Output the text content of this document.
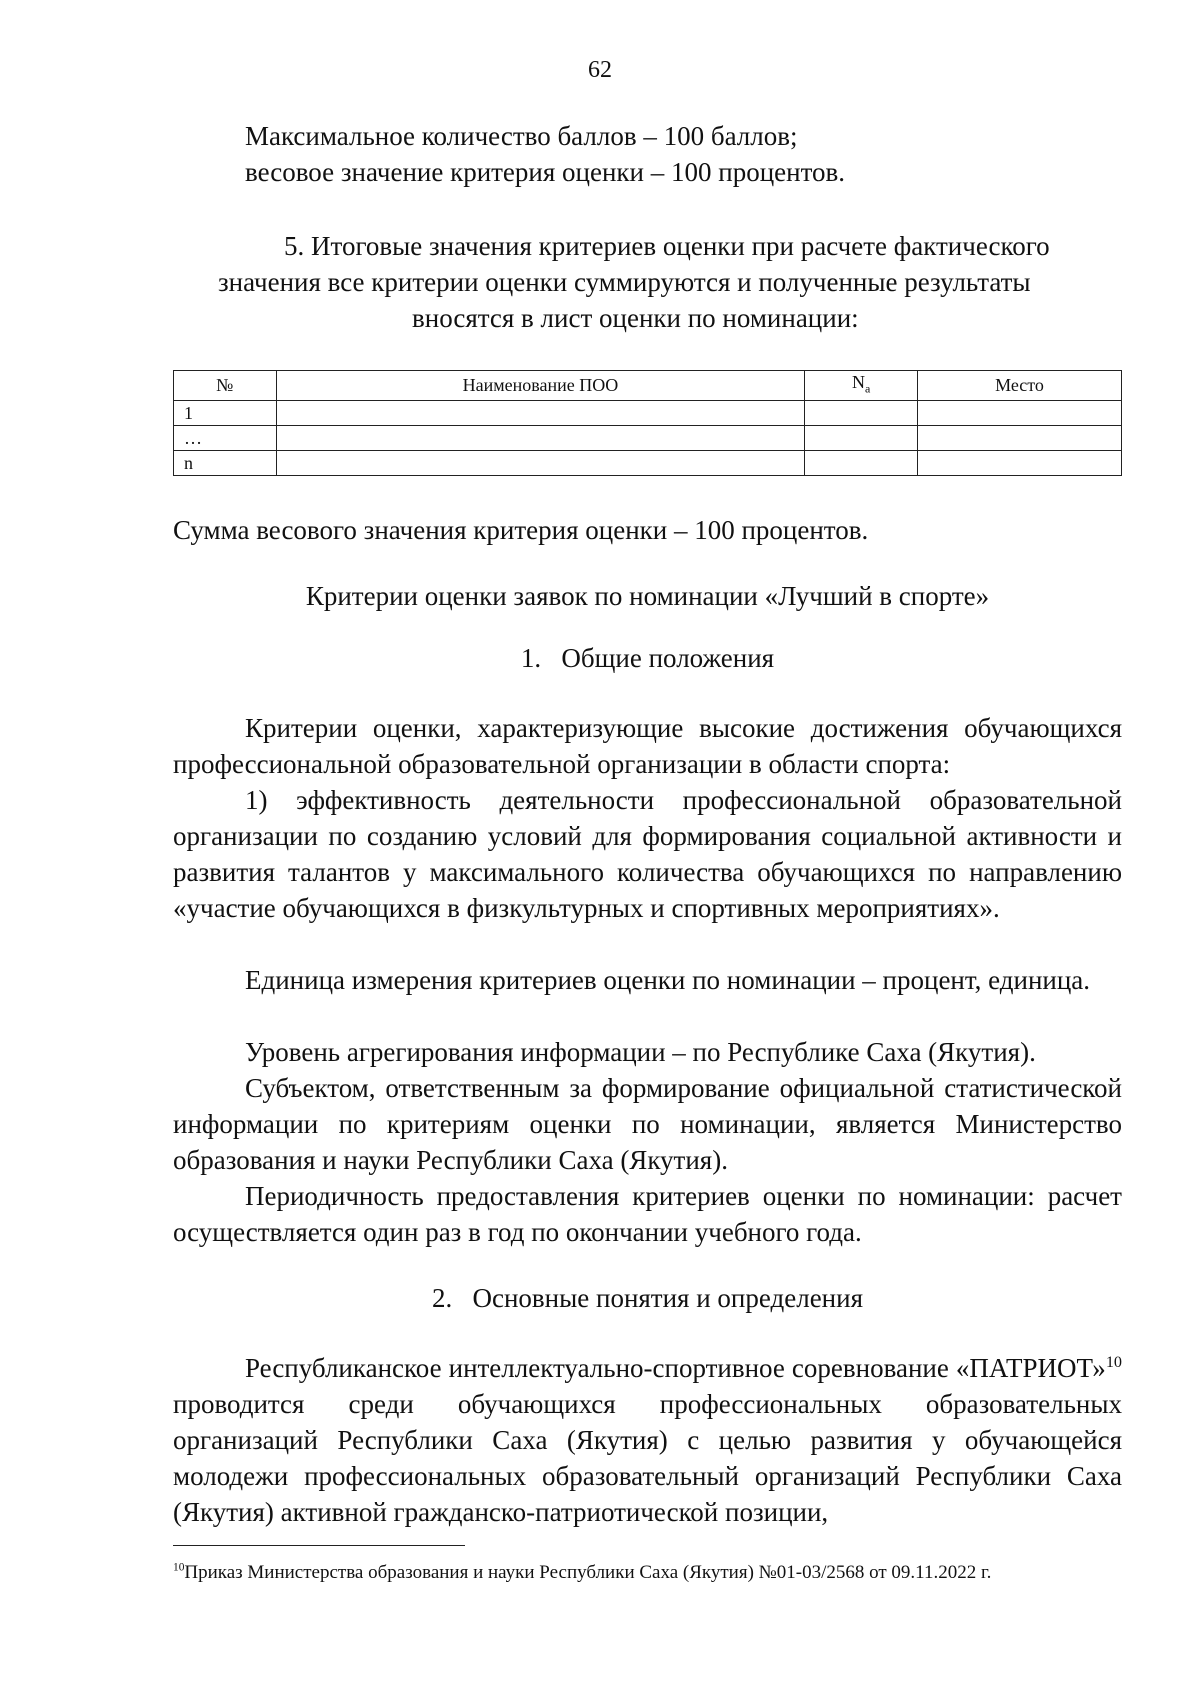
62

Максимальное количество баллов – 100 баллов;

весовое значение критерия оценки – 100 процентов.

5. Итоговые значения критериев оценки при расчете фактического

значения все критерии оценки суммируются и полученные результаты

вносятся в лист оценки по номинации:

№	Наименование ПОО	$N_а$	Место
1			
…			
n			

Сумма весового значения критерия оценки – 100 процентов.

Критерии оценки заявок по номинации «Лучший в спорте»

1.   Общие положения

Критерии оценки, характеризующие высокие достижения обучающихся профессиональной образовательной организации в области спорта:

1) эффективность деятельности профессиональной образовательной организации по созданию условий для формирования социальной активности и развития талантов у максимального количества обучающихся по направлению «участие обучающихся в физкультурных и спортивных мероприятиях».

Единица измерения критериев оценки по номинации – процент, единица.

Уровень агрегирования информации – по Республике Саха (Якутия).

Субъектом, ответственным за формирование официальной статистической информации по критериям оценки по номинации, является Министерство образования и науки Республики Саха (Якутия).

Периодичность предоставления критериев оценки по номинации: расчет осуществляется один раз в год по окончании учебного года.

2.   Основные понятия и определения

Республиканское интеллектуально-спортивное соревнование «ПАТРИОТ»$^{10}$ проводится среди обучающихся профессиональных образовательных организаций Республики Саха (Якутия) с целью развития у обучающейся молодежи профессиональных образовательный организаций Республики Саха (Якутия) активной гражданско-патриотической позиции,

$^{10}$Приказ Министерства образования и науки Республики Саха (Якутия) №01-03/2568 от 09.11.2022 г.
